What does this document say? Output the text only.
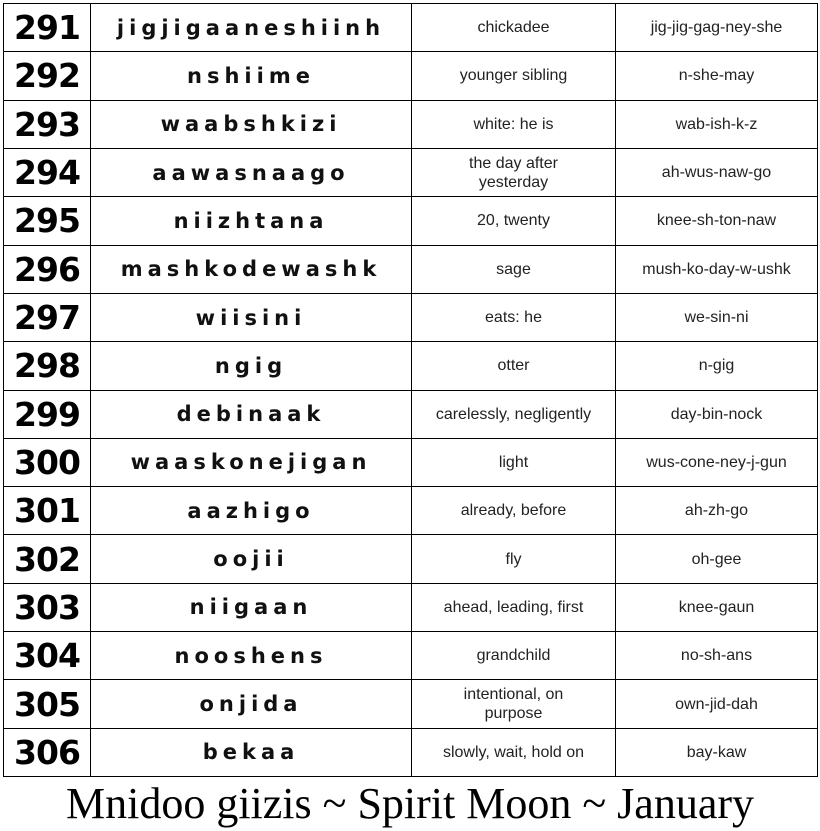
291	jigjigaaneshiinh	chickadee	jig-jig-gag-ney-she
292	nshiime	younger sibling	n-she-may
293	waabshkizi	white: he is	wab-ish-k-z
294	aawasnaago	the day after yesterday	ah-wus-naw-go
295	niizhtana	20, twenty	knee-sh-ton-naw
296	mashkodewashk	sage	mush-ko-day-w-ushk
297	wiisini	eats: he	we-sin-ni
298	ngig	otter	n-gig
299	debinaak	carelessly, negligently	day-bin-nock
300	waaskonejigan	light	wus-cone-ney-j-gun
301	aazhigo	already, before	ah-zh-go
302	oojii	fly	oh-gee
303	niigaan	ahead, leading, first	knee-gaun
304	nooshens	grandchild	no-sh-ans
305	onjida	intentional, on purpose	own-jid-dah
306	bekaa	slowly, wait, hold on	bay-kaw
Mnidoo giizis ~ Spirit Moon ~ January
